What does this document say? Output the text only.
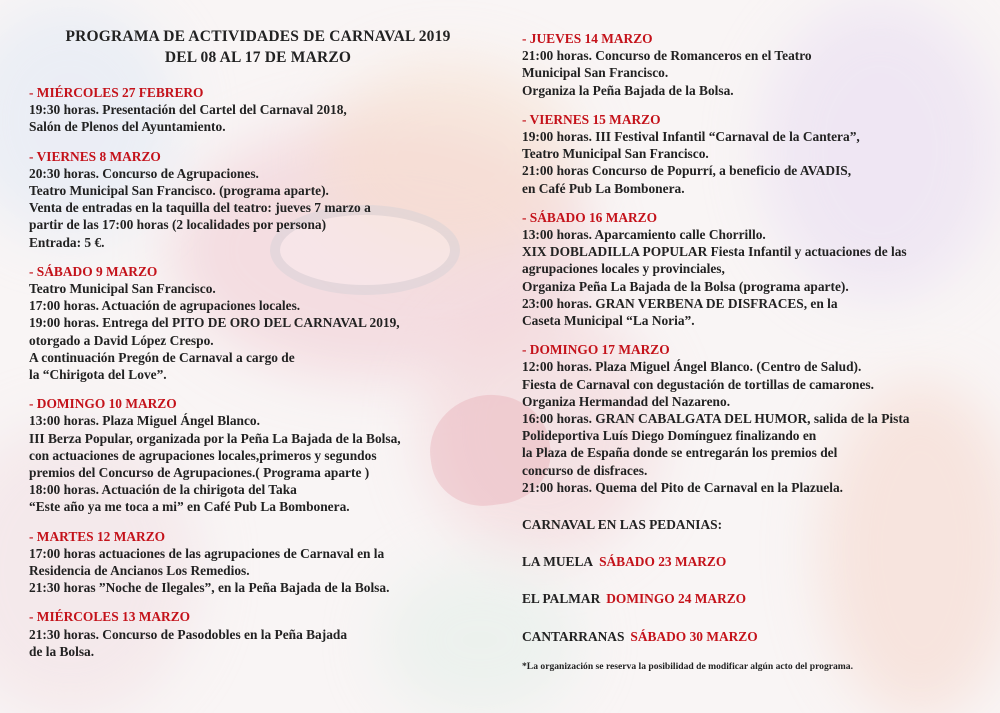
PROGRAMA DE ACTIVIDADES DE CARNAVAL 2019
DEL 08 AL 17 DE MARZO
- MIÉRCOLES 27 FEBRERO
19:30 horas. Presentación del Cartel del Carnaval 2018,
Salón de Plenos del Ayuntamiento.
- VIERNES 8 MARZO
20:30 horas. Concurso de Agrupaciones.
Teatro Municipal San Francisco. (programa aparte).
Venta de entradas en la taquilla del teatro: jueves 7 marzo a
partir de las 17:00 horas (2 localidades por persona)
Entrada: 5 €.
- SÁBADO 9 MARZO
Teatro Municipal San Francisco.
17:00 horas. Actuación de agrupaciones locales.
19:00 horas. Entrega del PITO DE ORO DEL CARNAVAL 2019,
otorgado a David López Crespo.
A continuación Pregón de Carnaval a cargo de
la “Chirigota del Love”.
- DOMINGO 10 MARZO
13:00 horas. Plaza Miguel Ángel Blanco.
III Berza Popular, organizada por la Peña La Bajada de la Bolsa,
con actuaciones de agrupaciones locales,primeros y segundos
premios del Concurso de Agrupaciones.( Programa aparte )
18:00 horas. Actuación de la chirigota del Taka
“Este año ya me toca a mi” en Café Pub La Bombonera.
- MARTES 12 MARZO
17:00 horas actuaciones de las agrupaciones de Carnaval en la
Residencia de Ancianos Los Remedios.
21:30 horas ”Noche de Ilegales”, en la Peña Bajada de la Bolsa.
- MIÉRCOLES 13 MARZO
21:30 horas. Concurso de Pasodobles en la Peña Bajada
de la Bolsa.
- JUEVES 14 MARZO
21:00 horas. Concurso de Romanceros en el Teatro
Municipal San Francisco.
Organiza la Peña Bajada de la Bolsa.
- VIERNES 15 MARZO
19:00 horas. III Festival Infantil “Carnaval de la Cantera”,
Teatro Municipal San Francisco.
21:00 horas Concurso de Popurrí, a beneficio de AVADIS,
en Café Pub La Bombonera.
- SÁBADO 16 MARZO
13:00 horas. Aparcamiento calle Chorrillo.
XIX DOBLADILLA POPULAR Fiesta Infantil y actuaciones de las
agrupaciones locales y provinciales,
Organiza Peña La Bajada de la Bolsa (programa aparte).
23:00 horas. GRAN VERBENA DE DISFRACES, en la
Caseta Municipal “La Noria”.
- DOMINGO 17 MARZO
12:00 horas. Plaza Miguel Ángel Blanco. (Centro de Salud).
Fiesta de Carnaval con degustación de tortillas de camarones.
Organiza Hermandad del Nazareno.
16:00 horas. GRAN CABALGATA DEL HUMOR, salida de la Pista
Polideportiva Luís Diego Domínguez finalizando en
la Plaza de España donde se entregarán los premios del
concurso de disfraces.
21:00 horas. Quema del Pito de Carnaval en la Plazuela.
CARNAVAL EN LAS PEDANIAS:
LA MUELA SÁBADO 23 MARZO
EL PALMAR DOMINGO 24 MARZO
CANTARRANAS SÁBADO 30 MARZO
*La organización se reserva la posibilidad de modificar algún acto del programa.
